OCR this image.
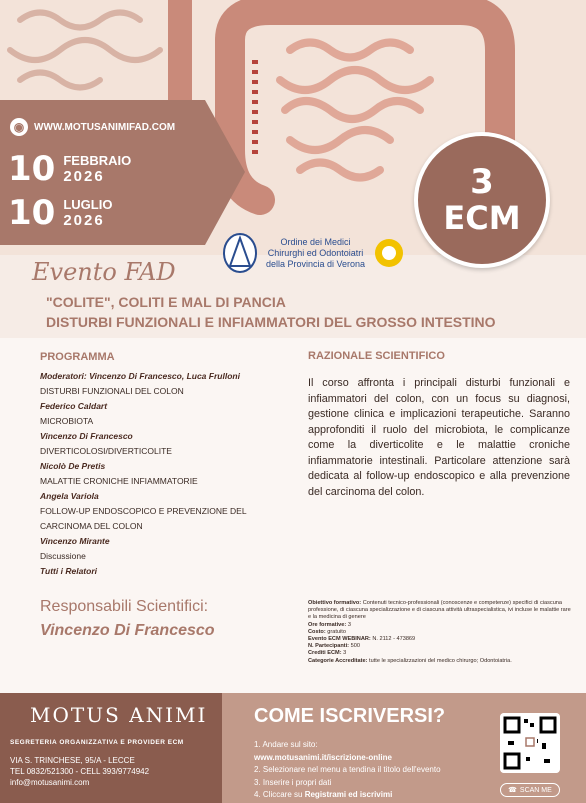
◉ WWW.MOTUSANIMIFAD.COM
10 FEBBRAIO
2026
10 LUGLIO
2026
3
ECM
Ordine dei Medici
Chirurghi ed Odontoiatri
della Provincia di Verona
Evento FAD
"COLITE", COLITI E MAL DI PANCIA
DISTURBI FUNZIONALI E INFIAMMATORI DEL GROSSO INTESTINO
PROGRAMMA
Moderatori: Vincenzo Di Francesco, Luca Frulloni
DISTURBI FUNZIONALI DEL COLON
Federico Caldart
MICROBIOTA
Vincenzo Di Francesco
DIVERTICOLOSI/DIVERTICOLITE
Nicolò De Pretis
MALATTIE CRONICHE INFIAMMATORIE
Angela Variola
FOLLOW-UP ENDOSCOPICO E PREVENZIONE DEL CARCINOMA DEL COLON
Vincenzo Mirante
Discussione
Tutti i Relatori
RAZIONALE SCIENTIFICO
Il corso affronta i principali disturbi funzionali e infiammatori del colon, con un focus su diagnosi, gestione clinica e implicazioni terapeutiche. Saranno approfonditi il ruolo del microbiota, le complicanze come la diverticolite e le malattie croniche infiammatorie intestinali. Particolare attenzione sarà dedicata al follow-up endoscopico e alla prevenzione del carcinoma del colon.
Responsabili Scientifici:
Vincenzo Di Francesco
Obiettivo formativo: Contenuti tecnico-professionali (conoscenze e competenze) specifici di ciascuna professione, di ciascuna specializzazione e di ciascuna attività ultraspecialistica, ivi incluse le malattie rare e la medicina di genere
Ore formative: 3
Costo: gratuito
Evento ECM WEBINAR: N. 2112 - 473869
N. Partecipanti: 500
Crediti ECM: 3
Categorie Accreditate: tutte le specializzazioni del medico chirurgo; Odontoiatria.
MOTUS ANIMI
SEGRETERIA ORGANIZZATIVA E PROVIDER ECM
VIA S. TRINCHESE, 95/A - LECCE
TEL 0832/521300 - CELL 393/9774942
info@motusanimi.com
COME ISCRIVERSI?
1. Andare sul sito:
www.motusanimi.it/iscrizione-online
2. Selezionare nel menu a tendina il titolo dell'evento
3. Inserire i propri dati
4. Cliccare su Registrami ed iscrivimi	☎ SCAN ME
